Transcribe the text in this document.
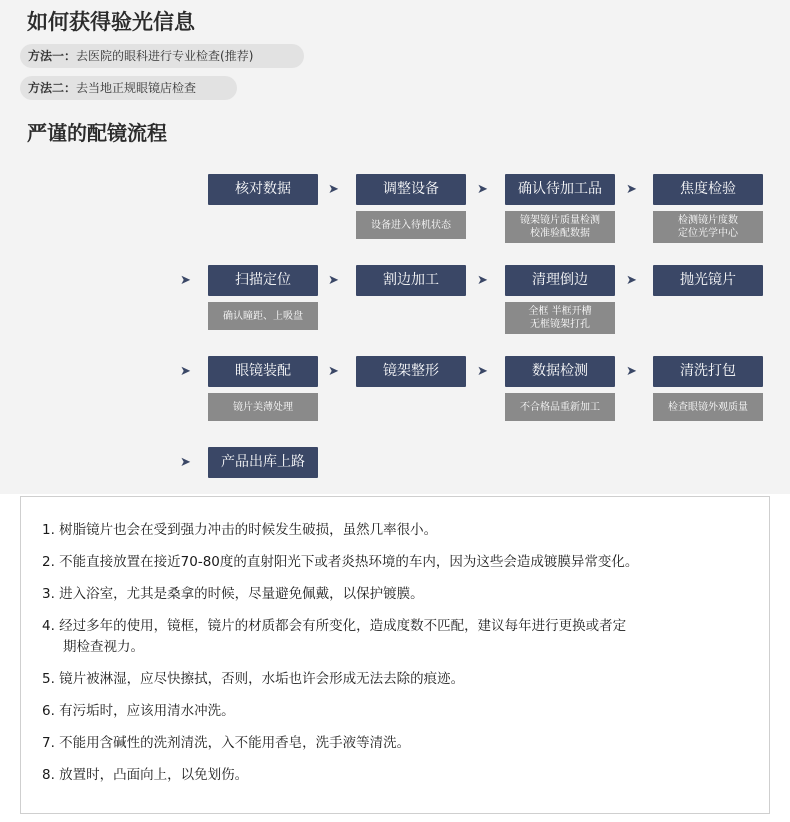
如何获得验光信息
方法一：去医院的眼科进行专业检查(推荐)
方法二：去当地正规眼镜店检查
严谨的配镜流程
核对数据	➤	调整设备
设备进入待机状态
➤	确认待加工品
镜架镜片质量检测
校准验配数据
➤	焦度检验
检测镜片度数
定位光学中心
扫描定位
确认瞳距、上吸盘
➤	割边加工	➤	清理倒边
全框 半框开槽
无框镜架打孔
➤	抛光镜片
➤
眼镜装配
镜片美薄处理
➤	镜架整形	➤	数据检测
不合格品重新加工
➤	清洗打包
检查眼镜外观质量
➤
产品出库上路
➤
1. 树脂镜片也会在受到强力冲击的时候发生破损，虽然几率很小。
2. 不能直接放置在接近70-80度的直射阳光下或者炎热环境的车内，因为这些会造成镀膜异常变化。
3. 进入浴室，尤其是桑拿的时候，尽量避免佩戴，以保护镀膜。
4. 经过多年的使用，镜框，镜片的材质都会有所变化，造成度数不匹配，建议每年进行更换或者定
期检查视力。
5. 镜片被淋湿，应尽快擦拭，否则，水垢也许会形成无法去除的痕迹。
6. 有污垢时，应该用清水冲洗。
7. 不能用含碱性的洗剂清洗，入不能用香皂，洗手液等清洗。
8. 放置时，凸面向上，以免划伤。
